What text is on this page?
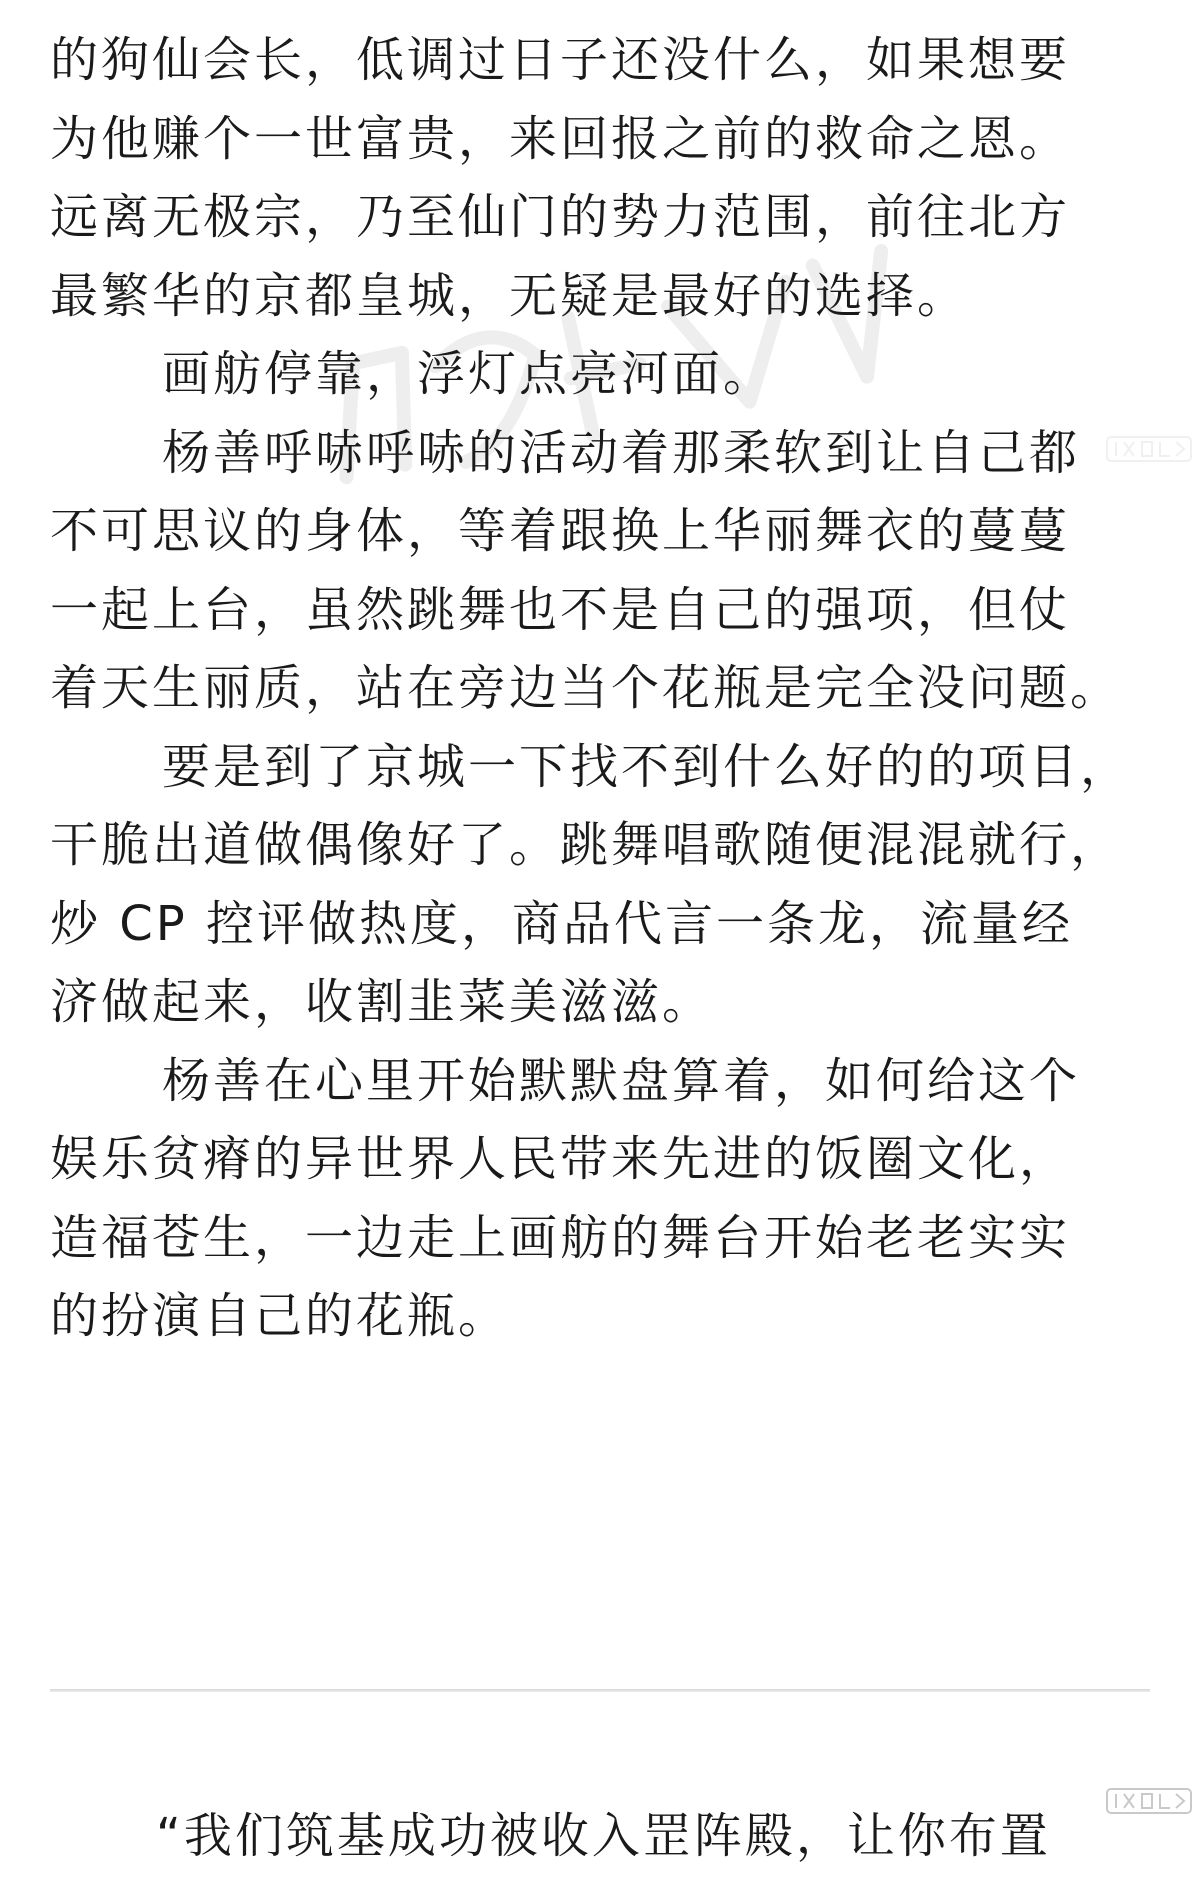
的狗仙会长，低调过日子还没什么，如果想要
为他赚个一世富贵，来回报之前的救命之恩。
远离无极宗，乃至仙门的势力范围，前往北方
最繁华的京都皇城，无疑是最好的选择。
画舫停靠，浮灯点亮河面。
杨善呼哧呼哧的活动着那柔软到让自己都
不可思议的身体，等着跟换上华丽舞衣的蔓蔓
一起上台，虽然跳舞也不是自己的强项，但仗
着天生丽质，站在旁边当个花瓶是完全没问题。
要是到了京城一下找不到什么好的的项目，
干脆出道做偶像好了。跳舞唱歌随便混混就行，
炒 CP 控评做热度，商品代言一条龙，流量经
济做起来，收割韭菜美滋滋。
杨善在心里开始默默盘算着，如何给这个
娱乐贫瘠的异世界人民带来先进的饭圈文化，
造福苍生，一边走上画舫的舞台开始老老实实
的扮演自己的花瓶。
“我们筑基成功被收入罡阵殿，让你布置
